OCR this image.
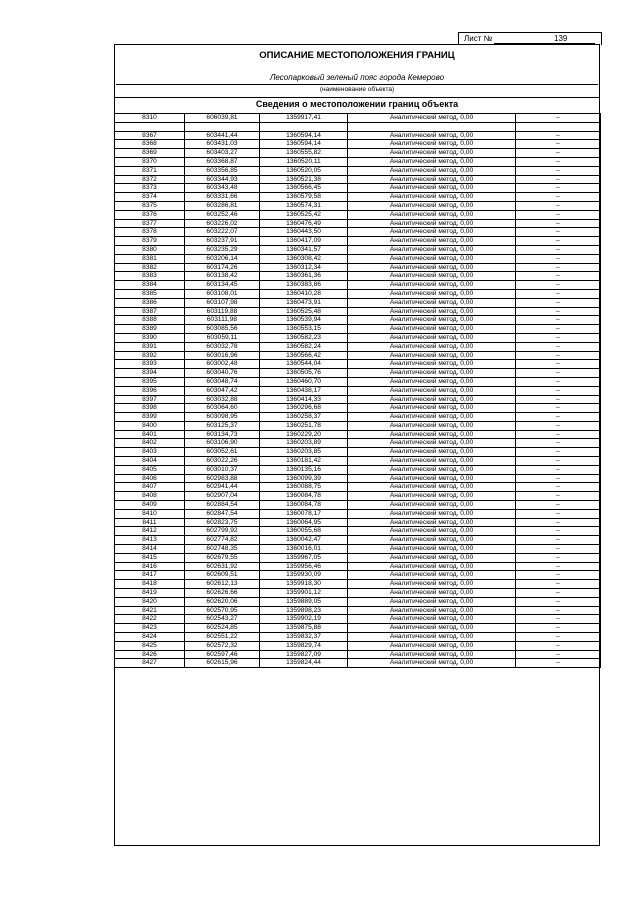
Лист №	139
ОПИСАНИЕ МЕСТОПОЛОЖЕНИЯ ГРАНИЦ
Лесопарковый зеленый пояс города Кемерово
(наименование объекта)
Сведения о местоположении границ объекта
8310	606039,81	1359917,41	Аналитический метод, 0,00	–

8367	603441,44	1360594,14	Аналитический метод, 0,00	–
8368	603431,03	1360594,14	Аналитический метод, 0,00	–
8369	603403,27	1360555,82	Аналитический метод, 0,00	–
8370	603368,87	1360520,11	Аналитический метод, 0,00	–
8371	603356,85	1360520,05	Аналитический метод, 0,00	–
8372	603344,93	1360521,38	Аналитический метод, 0,00	–
8373	603343,48	1360566,45	Аналитический метод, 0,00	–
8374	603331,66	1360579,58	Аналитический метод, 0,00	–
8375	603286,81	1360574,31	Аналитический метод, 0,00	–
8376	603252,46	1360525,42	Аналитический метод, 0,00	–
8377	603226,02	1360476,49	Аналитический метод, 0,00	–
8378	603222,07	1360443,50	Аналитический метод, 0,00	–
8379	603237,91	1360417,09	Аналитический метод, 0,00	–
8380	603235,29	1360341,57	Аналитический метод, 0,00	–
8381	603206,14	1360308,42	Аналитический метод, 0,00	–
8382	603174,26	1360312,34	Аналитический метод, 0,00	–
8383	603138,42	1360361,36	Аналитический метод, 0,00	–
8384	603134,45	1360383,86	Аналитический метод, 0,00	–
8385	603108,01	1360410,28	Аналитический метод, 0,00	–
8386	603107,98	1360473,91	Аналитический метод, 0,00	–
8387	603119,88	1360525,48	Аналитический метод, 0,00	–
8388	603111,98	1360539,94	Аналитический метод, 0,00	–
8389	603085,56	1360553,15	Аналитический метод, 0,00	–
8390	603059,11	1360582,23	Аналитический метод, 0,00	–
8391	603032,78	1360582,24	Аналитический метод, 0,00	–
8392	603016,96	1360566,42	Аналитический метод, 0,00	–
8393	603002,48	1360544,04	Аналитический метод, 0,00	–
8394	603040,76	1360505,76	Аналитический метод, 0,00	–
8395	603048,74	1360460,70	Аналитический метод, 0,00	–
8396	603047,42	1360438,17	Аналитический метод, 0,00	–
8397	603032,88	1360414,33	Аналитический метод, 0,00	–
8398	603064,60	1360296,68	Аналитический метод, 0,00	–
8399	603098,95	1360258,37	Аналитический метод, 0,00	–
8400	603125,37	1360251,78	Аналитический метод, 0,00	–
8401	603134,73	1360229,20	Аналитический метод, 0,00	–
8402	603106,90	1360203,89	Аналитический метод, 0,00	–
8403	603052,61	1360203,85	Аналитический метод, 0,00	–
8404	603022,26	1360181,42	Аналитический метод, 0,00	–
8405	603010,37	1360135,16	Аналитический метод, 0,00	–
8406	602983,88	1360099,39	Аналитический метод, 0,00	–
8407	602941,44	1360088,75	Аналитический метод, 0,00	–
8408	602907,04	1360084,78	Аналитический метод, 0,00	–
8409	602884,54	1360084,78	Аналитический метод, 0,00	–
8410	602847,54	1360078,17	Аналитический метод, 0,00	–
8411	602823,75	1360064,95	Аналитический метод, 0,00	–
8412	602799,92	1360055,68	Аналитический метод, 0,00	–
8413	602774,82	1360042,47	Аналитический метод, 0,00	–
8414	602748,35	1360016,01	Аналитический метод, 0,00	–
8415	602679,55	1359967,05	Аналитический метод, 0,00	–
8416	602631,92	1359956,46	Аналитический метод, 0,00	–
8417	602609,51	1359930,09	Аналитический метод, 0,00	–
8418	602612,13	1359918,30	Аналитический метод, 0,00	–
8419	602626,66	1359901,12	Аналитический метод, 0,00	–
8420	602620,06	1359889,05	Аналитический метод, 0,00	–
8421	602570,95	1359898,23	Аналитический метод, 0,00	–
8422	602543,27	1359902,19	Аналитический метод, 0,00	–
8423	602524,85	1359875,88	Аналитический метод, 0,00	–
8424	602551,22	1359832,37	Аналитический метод, 0,00	–
8425	602572,32	1359829,74	Аналитический метод, 0,00	–
8426	602597,46	1359827,09	Аналитический метод, 0,00	–
8427	602615,96	1359824,44	Аналитический метод, 0,00	–
